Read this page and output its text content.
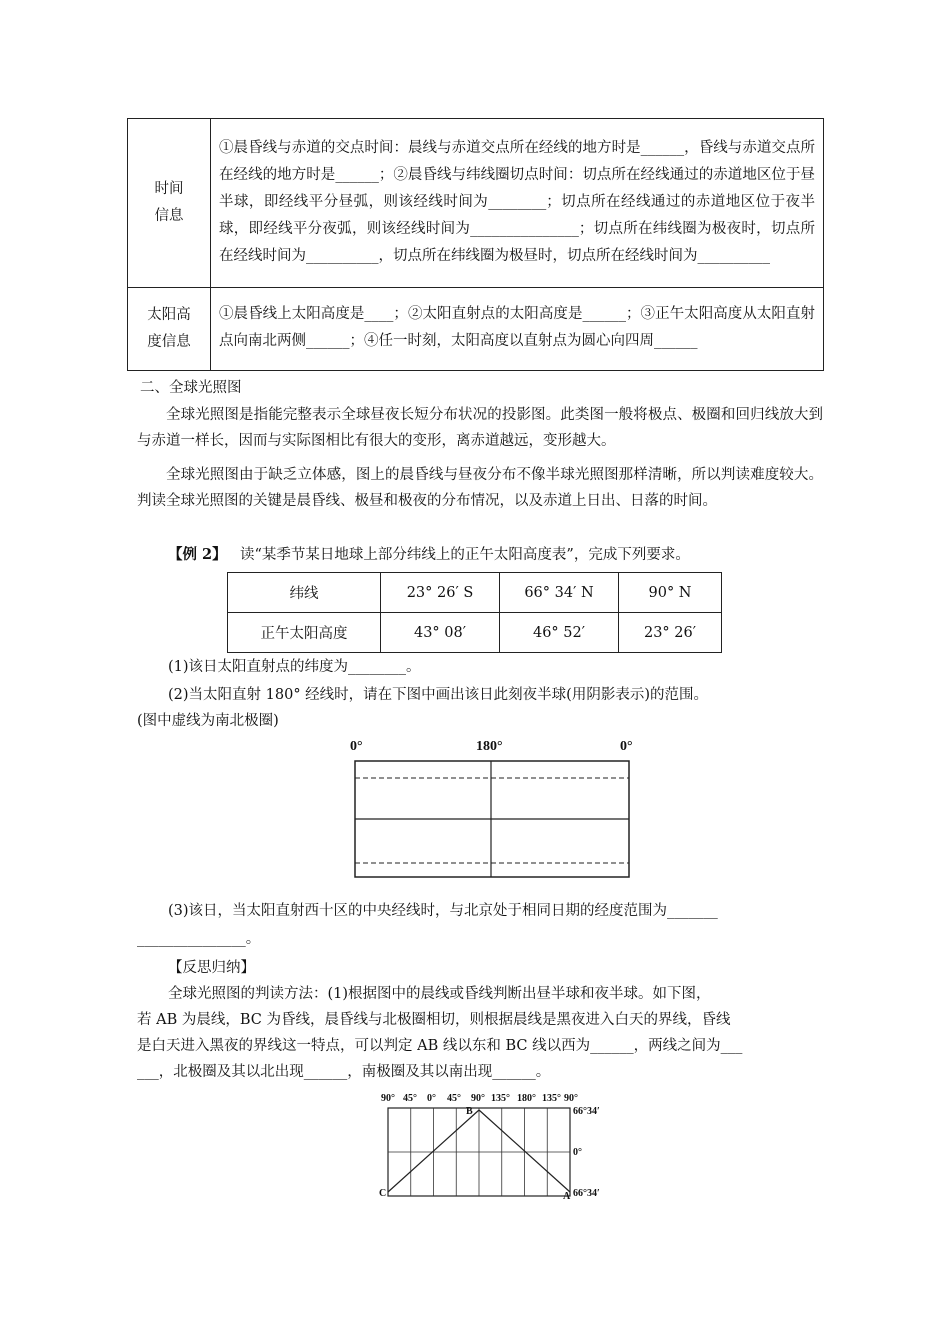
时间
信息	①晨昏线与赤道的交点时间：晨线与赤道交点所在经线的地方时是______，昏线与赤道交点所在经线的地方时是______；②晨昏线与纬线圈切点时间：切点所在经线通过的赤道地区位于昼半球，即经线平分昼弧，则该经线时间为________；切点所在经线通过的赤道地区位于夜半球，即经线平分夜弧，则该经线时间为_______________；切点所在纬线圈为极夜时，切点所在经线时间为__________，切点所在纬线圈为极昼时，切点所在经线时间为__________
太阳高
度信息	①晨昏线上太阳高度是____；②太阳直射点的太阳高度是______；③正午太阳高度从太阳直射点向南北两侧______；④任一时刻，太阳高度以直射点为圆心向四周______
二、全球光照图
全球光照图是指能完整表示全球昼夜长短分布状况的投影图。此类图一般将极点、极圈和回归线放大到与赤道一样长，因而与实际图相比有很大的变形，离赤道越远，变形越大。
全球光照图由于缺乏立体感，图上的晨昏线与昼夜分布不像半球光照图那样清晰，所以判读难度较大。判读全球光照图的关键是晨昏线、极昼和极夜的分布情况，以及赤道上日出、日落的时间。
【例 2】 读“某季节某日地球上部分纬线上的正午太阳高度表”，完成下列要求。
纬线	23° 26′ S	66° 34′ N	90° N
正午太阳高度	43° 08′	46° 52′	23° 26′
(1)该日太阳直射点的纬度为________。
(2)当太阳直射 180° 经线时，请在下图中画出该日此刻夜半球(用阴影表示)的范围。
(图中虚线为南北极圈)
0°	180°	0°
(3)该日，当太阳直射西十区的中央经线时，与北京处于相同日期的经度范围为_______
_______________。
【反思归纳】
全球光照图的判读方法：(1)根据图中的晨线或昏线判断出昼半球和夜半球。如下图，
若 AB 为晨线，BC 为昏线，晨昏线与北极圈相切，则根据晨线是黑夜进入白天的界线，昏线
是白天进入黑夜的界线这一特点，可以判定 AB 线以东和 BC 线以西为______，两线之间为___
___，北极圈及其以北出现______，南极圈及其以南出现______。
90° 45° 0° 45° 90° 135° 180° 135° 90°
66°34′
0°
66°34′
B
C	A
